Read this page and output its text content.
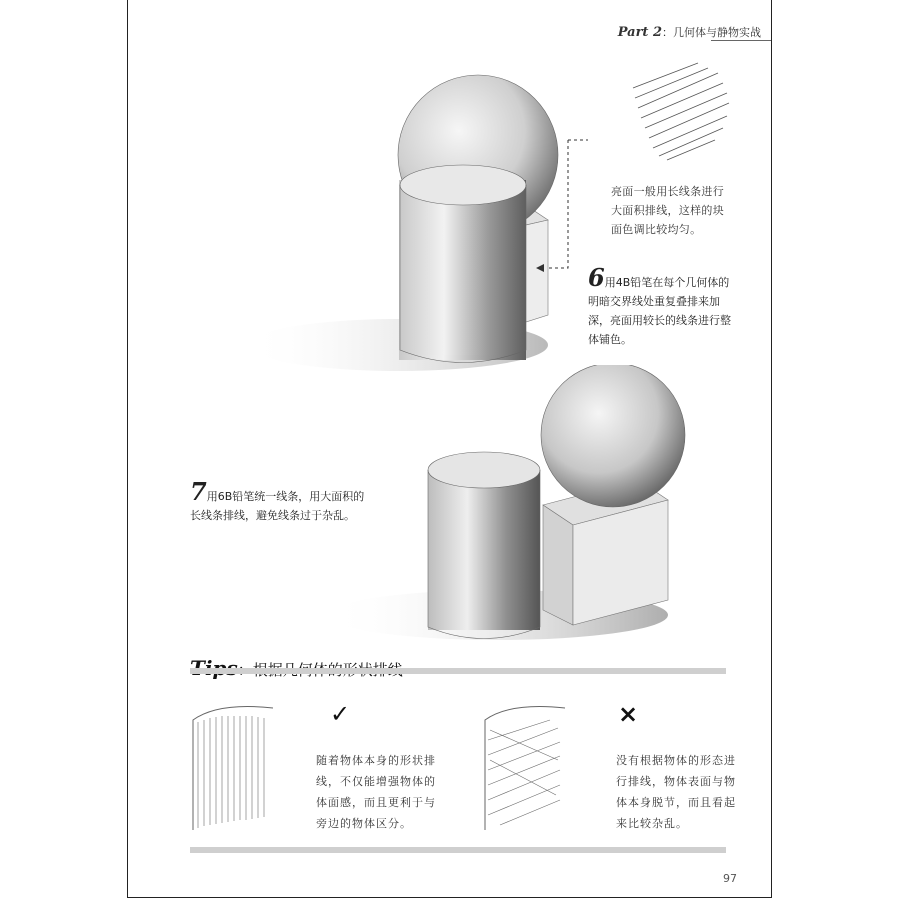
Part 2：几何体与静物实战
亮面一般用长线条进行
大面积排线，这样的块
面色调比较均匀。
6用4B铅笔在每个几何体的明暗交界线处重复叠排来加深，亮面用较长的线条进行整体铺色。
7用6B铅笔统一线条，用大面积的长线条排线，避免线条过于杂乱。
✓
随着物体本身的形状排线，不仅能增强物体的体面感，而且更利于与旁边的物体区分。
×
没有根据物体的形态进行排线，物体表面与物体本身脱节，而且看起来比较杂乱。
97
